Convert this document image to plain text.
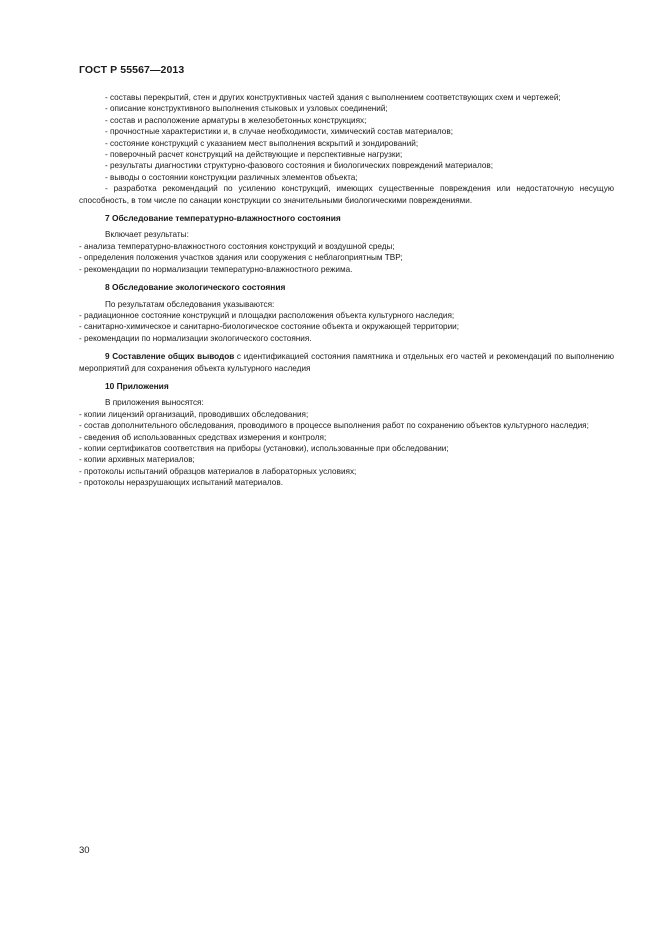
ГОСТ Р 55567—2013

- составы перекрытий, стен и других конструктивных частей здания с выполнением соответствующих схем и чертежей;

- описание конструктивного выполнения стыковых и узловых соединений;

- состав и расположение арматуры в железобетонных конструкциях;

- прочностные характеристики и, в случае необходимости, химический состав материалов;

- состояние конструкций с указанием мест выполнения вскрытий и зондирований;

- поверочный расчет конструкций на действующие и перспективные нагрузки;

- результаты диагностики структурно-фазового состояния и биологических повреждений материалов;

- выводы о состоянии конструкции различных элементов объекта;

- разработка рекомендаций по усилению конструкций, имеющих существенные повреждения или недостаточную несущую способность, в том числе по санации конструкции со значительными биологическими повреждениями.

7 Обследование температурно-влажностного состояния

Включает результаты:

- анализа температурно-влажностного состояния конструкций и воздушной среды;

- определения положения участков здания или сооружения с неблагоприятным ТВР;

- рекомендации по нормализации температурно-влажностного режима.

8 Обследование экологического состояния

По результатам обследования указываются:

- радиационное состояние конструкций и площадки расположения объекта культурного наследия;

- санитарно-химическое и санитарно-биологическое состояние объекта и окружающей территории;

- рекомендации по нормализации экологического состояния.

9 Составление общих выводов с идентификацией состояния памятника и отдельных его частей и рекомендаций по выполнению мероприятий для сохранения объекта культурного наследия

10 Приложения

В приложения выносятся:

- копии лицензий организаций, проводивших обследования;

- состав дополнительного обследования, проводимого в процессе выполнения работ по сохранению объектов культурного наследия;

- сведения об использованных средствах измерения и контроля;

- копии сертификатов соответствия на приборы (установки), использованные при обследовании;

- копии архивных материалов;

- протоколы испытаний образцов материалов в лабораторных условиях;

- протоколы неразрушающих испытаний материалов.

30
